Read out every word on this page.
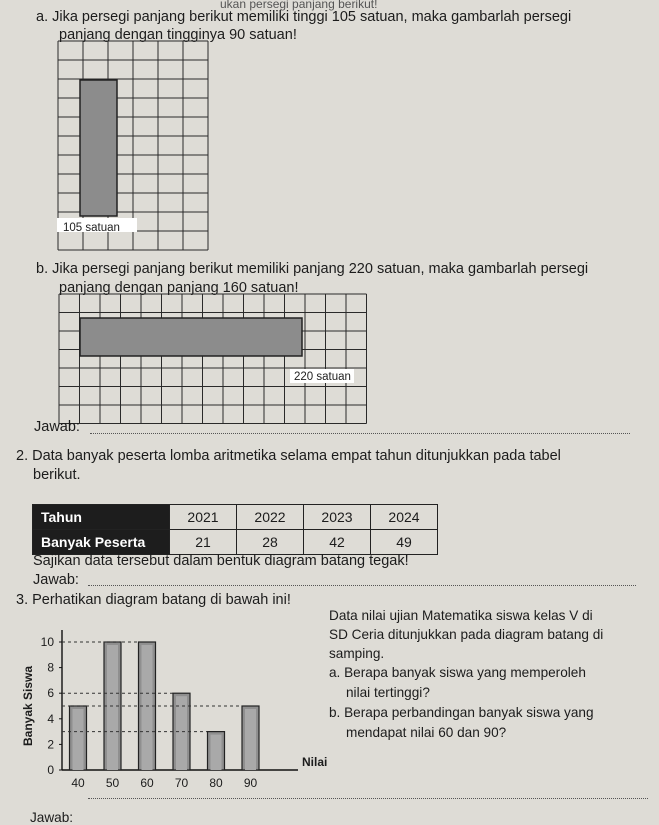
ukan persegi panjang berikut!
a. Jika persegi panjang berikut memiliki tinggi 105 satuan, maka gambarlah persegi
panjang dengan tingginya 90 satuan!
105 satuan
b. Jika persegi panjang berikut memiliki panjang 220 satuan, maka gambarlah persegi
panjang dengan panjang 160 satuan!
220 satuan
Jawab:
2. Data banyak peserta lomba aritmetika selama empat tahun ditunjukkan pada tabel
berikut.
Tahun	2021	2022	2023	2024
Banyak Peserta	21	28	42	49
Sajikan data tersebut dalam bentuk diagram batang tegak!
Jawab:
3. Perhatikan diagram batang di bawah ini!
Data nilai ujian Matematika siswa kelas V di
SD Ceria ditunjukkan pada diagram batang di
samping.
a. Berapa banyak siswa yang memperoleh
nilai tertinggi?
b. Berapa perbandingan banyak siswa yang
mendapat nilai 60 dan 90?
Banyak Siswa
0
2
4
6
8
10
40 50 60 70 80 90
Nilai
Jawab:
